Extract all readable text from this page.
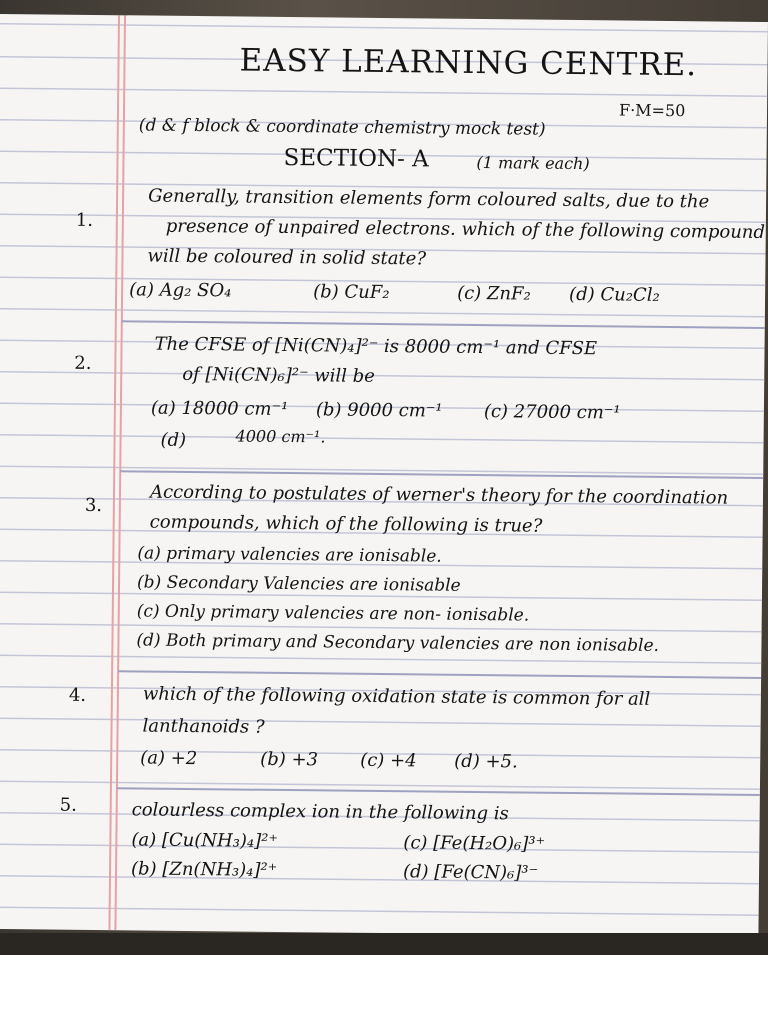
EASY LEARNING CENTRE.
F·M=50
(d & f block & coordinate chemistry mock test)
SECTION- A	(1 mark each)
1.
Generally, transition elements form coloured salts, due to the
presence of unpaired electrons. which of the following compound
will be coloured in solid state?
(a) Ag₂ SO₄	(b) CuF₂	(c) ZnF₂ (d) Cu₂Cl₂
2.
The CFSE of [Ni(CN)₄]²⁻ is 8000 cm⁻¹ and CFSE
of [Ni(CN)₆]²⁻ will be
(a) 18000 cm⁻¹ (b) 9000 cm⁻¹ (c) 27000 cm⁻¹
(d)	4000 cm⁻¹.
3.	According to postulates of werner's theory for the coordination
compounds, which of the following is true?
(a) primary valencies are ionisable.
(b) Secondary Valencies are ionisable
(c) Only primary valencies are non- ionisable.
(d) Both primary and Secondary valencies are non ionisable.
4.	which of the following oxidation state is common for all
lanthanoids ?
(a) +2	(b) +3 (c) +4 (d) +5.
5.	colourless complex ion in the following is
(a) [Cu(NH₃)₄]²⁺	(c) [Fe(H₂O)₆]³⁺
(b) [Zn(NH₃)₄]²⁺	(d) [Fe(CN)₆]³⁻
